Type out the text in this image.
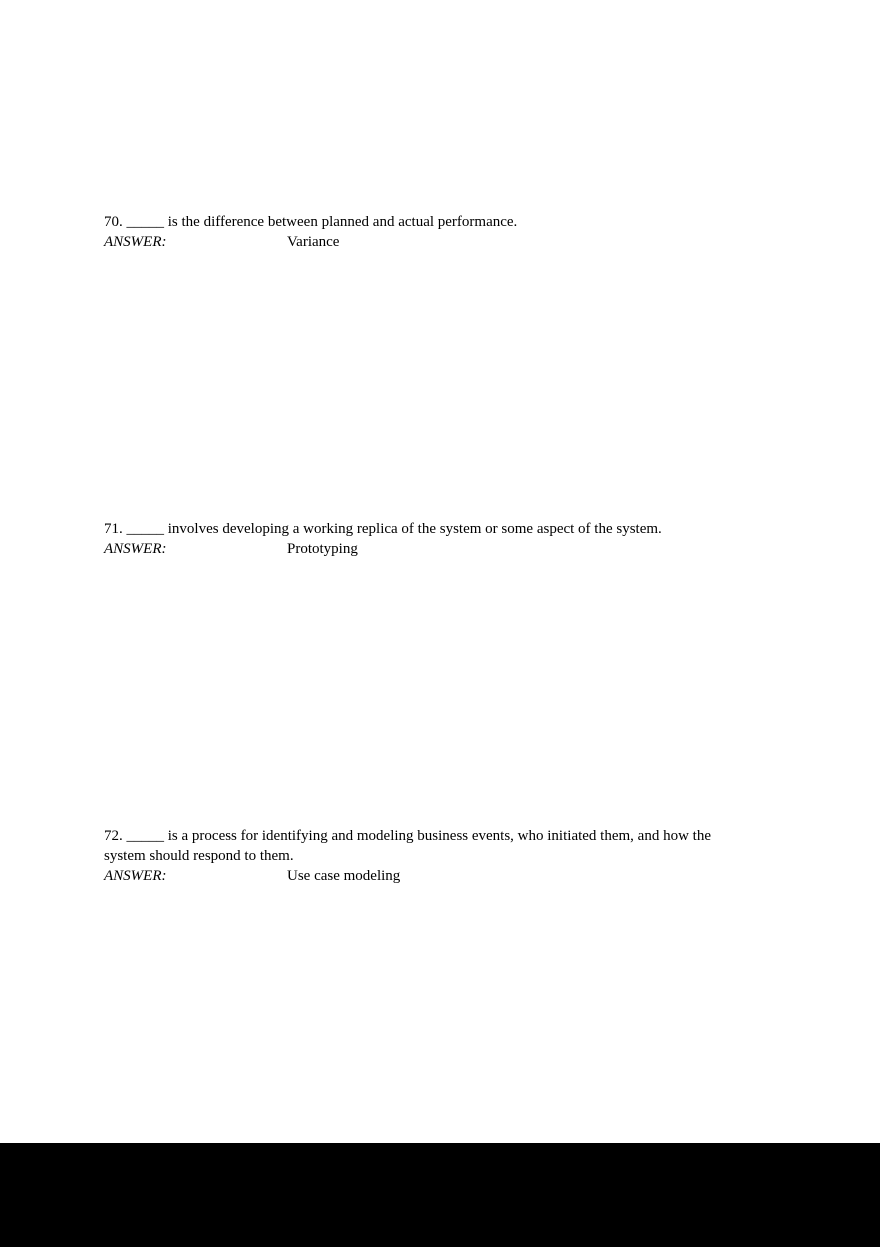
70. _____ is the difference between planned and actual performance.

ANSWER:	Variance

71. _____ involves developing a working replica of the system or some aspect of the system.

ANSWER:	Prototyping

72. _____ is a process for identifying and modeling business events, who initiated them, and how the system should respond to them.

ANSWER:	Use case modeling
